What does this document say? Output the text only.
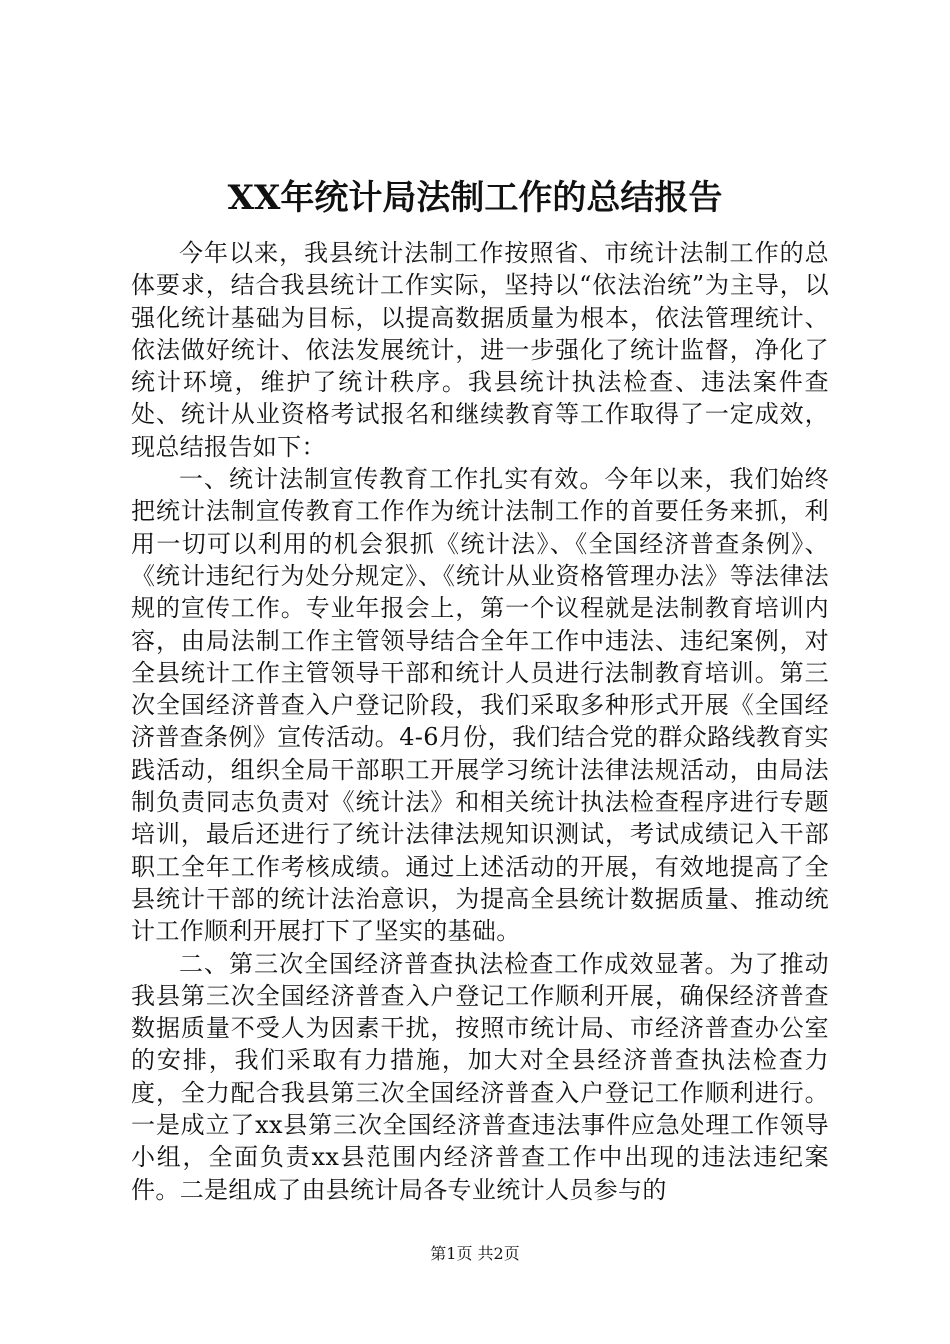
XX年统计局法制工作的总结报告

今年以来，我县统计法制工作按照省、市统计法制工作的总体要求，结合我县统计工作实际，坚持以“依法治统”为主导，以强化统计基础为目标，以提高数据质量为根本，依法管理统计、依法做好统计、依法发展统计，进一步强化了统计监督，净化了统计环境，维护了统计秩序。我县统计执法检查、违法案件查处、统计从业资格考试报名和继续教育等工作取得了一定成效，现总结报告如下：

一、统计法制宣传教育工作扎实有效。今年以来，我们始终把统计法制宣传教育工作作为统计法制工作的首要任务来抓，利用一切可以利用的机会狠抓《统计法》、《全国经济普查条例》、《统计违纪行为处分规定》、《统计从业资格管理办法》等法律法规的宣传工作。专业年报会上，第一个议程就是法制教育培训内容，由局法制工作主管领导结合全年工作中违法、违纪案例，对全县统计工作主管领导干部和统计人员进行法制教育培训。第三次全国经济普查入户登记阶段，我们采取多种形式开展《全国经济普查条例》宣传活动。4-6月份，我们结合党的群众路线教育实践活动，组织全局干部职工开展学习统计法律法规活动，由局法制负责同志负责对《统计法》和相关统计执法检查程序进行专题培训，最后还进行了统计法律法规知识测试，考试成绩记入干部职工全年工作考核成绩。通过上述活动的开展，有效地提高了全县统计干部的统计法治意识，为提高全县统计数据质量、推动统计工作顺利开展打下了坚实的基础。

二、第三次全国经济普查执法检查工作成效显著。为了推动我县第三次全国经济普查入户登记工作顺利开展，确保经济普查数据质量不受人为因素干扰，按照市统计局、市经济普查办公室的安排，我们采取有力措施，加大对全县经济普查执法检查力度，全力配合我县第三次全国经济普查入户登记工作顺利进行。一是成立了xx县第三次全国经济普查违法事件应急处理工作领导小组，全面负责xx县范围内经济普查工作中出现的违法违纪案件。二是组成了由县统计局各专业统计人员参与的

第1页 共2页
